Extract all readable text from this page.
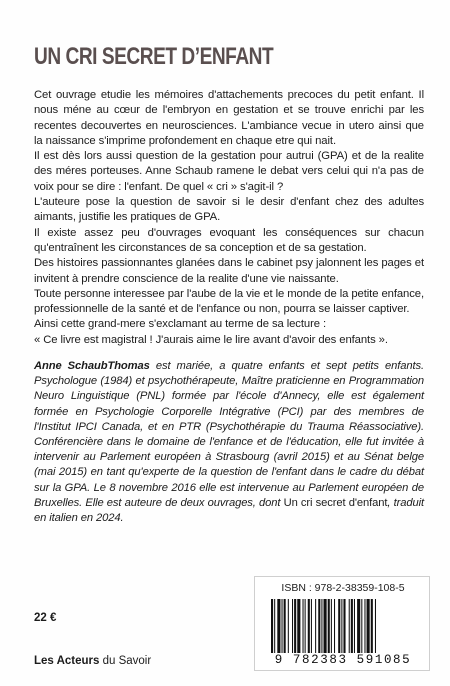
UN CRI SECRET D’ENFANT

Cet ouvrage etudie les mémoires d'attachements precoces du petit enfant. Il nous méne au cœur de l'embryon en gestation et se trouve enrichi par les recentes decouvertes en neurosciences. L'ambiance vecue in utero ainsi que la naissance s'imprime profondement en chaque etre qui nait.

Il est dès lors aussi question de la gestation pour autrui (GPA) et de la realite des méres porteuses. Anne Schaub ramene le debat vers celui qui n'a pas de voix pour se dire : l'enfant. De quel « cri » s'agit-il ?

L'auteure pose la question de savoir si le desir d'enfant chez des adultes aimants, justifie les pratiques de GPA.

Il existe assez peu d'ouvrages evoquant les conséquences sur chacun qu'entraînent les circonstances de sa conception et de sa gestation.

Des histoires passionnantes glanées dans le cabinet psy jalonnent les pages et invitent à prendre conscience de la realite d'une vie naissante.

Toute personne interessee par l'aube de la vie et le monde de la petite enfance, professionnelle de la santé et de l'enfance ou non, pourra se laisser captiver.

Ainsi cette grand-mere s'exclamant au terme de sa lecture :

« Ce livre est magistral ! J'aurais aime le lire avant d'avoir des enfants ».

Anne SchaubThomas est mariée, a quatre enfants et sept petits enfants. Psychologue (1984) et psychothérapeute, Maître praticienne en Programmation Neuro Linguistique (PNL) formée par l'école d'Annecy, elle est également formée en Psychologie Corporelle Intégrative (PCI) par des membres de l'Institut IPCI Canada, et en PTR (Psychothérapie du Trauma Réassociative). Conférencière dans le domaine de l'enfance et de l'éducation, elle fut invitée à intervenir au Parlement européen à Strasbourg (avril 2015) et au Sénat belge (mai 2015) en tant qu'experte de la question de l'enfant dans le cadre du débat sur la GPA. Le 8 novembre 2016 elle est intervenue au Parlement européen de Bruxelles. Elle est auteure de deux ouvrages, dont Un cri secret d'enfant, traduit en italien en 2024.
22 €
Les Acteurs du Savoir
ISBN : 978-2-38359-108-5
9 782383 591085
